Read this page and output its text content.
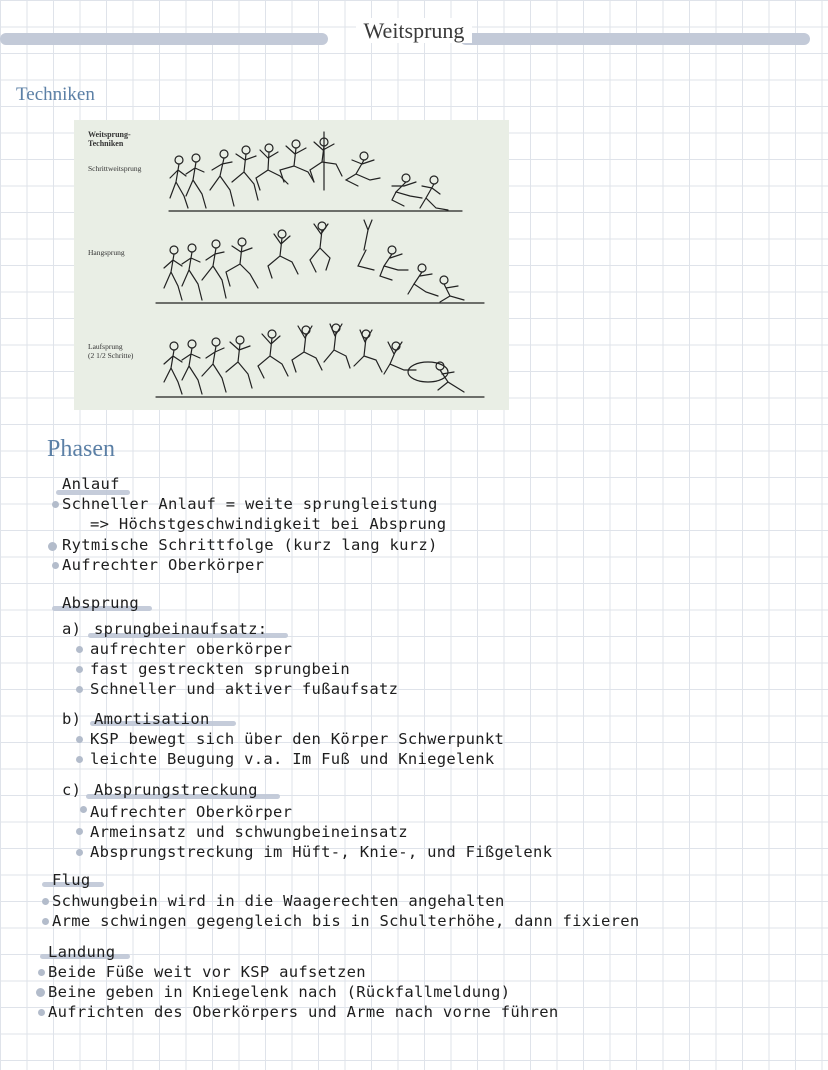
Weitsprung
Techniken
Weitsprung-
Techniken
Schrittweitsprung
Hangsprung
Laufsprung
(2 1/2 Schritte)
Phasen
Anlauf
Schneller Anlauf = weite sprungleistung
=> Höchstgeschwindigkeit bei Absprung
Rytmische Schrittfolge (kurz lang kurz)
Aufrechter Oberkörper
Absprung
a) sprungbeinaufsatz:
aufrechter oberkörper
fast gestreckten sprungbein
Schneller und aktiver fußaufsatz
b) Amortisation
KSP bewegt sich über den Körper Schwerpunkt
leichte Beugung v.a. Im Fuß und Kniegelenk
c) Absprungstreckung
Aufrechter Oberkörper
Armeinsatz und schwungbeineinsatz
Absprungstreckung im Hüft-, Knie-, und Fißgelenk
Flug
Schwungbein wird in die Waagerechten angehalten
Arme schwingen gegengleich bis in Schulterhöhe, dann fixieren
Landung
Beide Füße weit vor KSP aufsetzen
Beine geben in Kniegelenk nach (Rückfallmeldung)
Aufrichten des Oberkörpers und Arme nach vorne führen
